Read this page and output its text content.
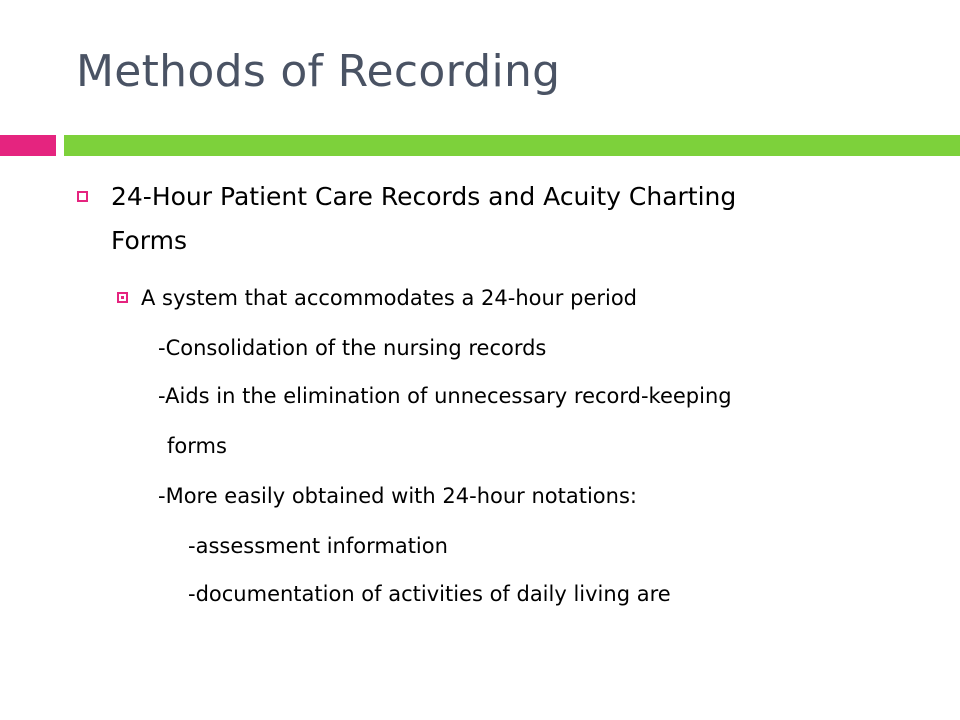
Methods of Recording
24-Hour Patient Care Records and Acuity Charting
Forms
A system that accommodates a 24-hour period
-Consolidation of the nursing records
-Aids in the elimination of unnecessary record-keeping
forms
-More easily obtained with 24-hour notations:
-assessment information
-documentation of activities of daily living are
